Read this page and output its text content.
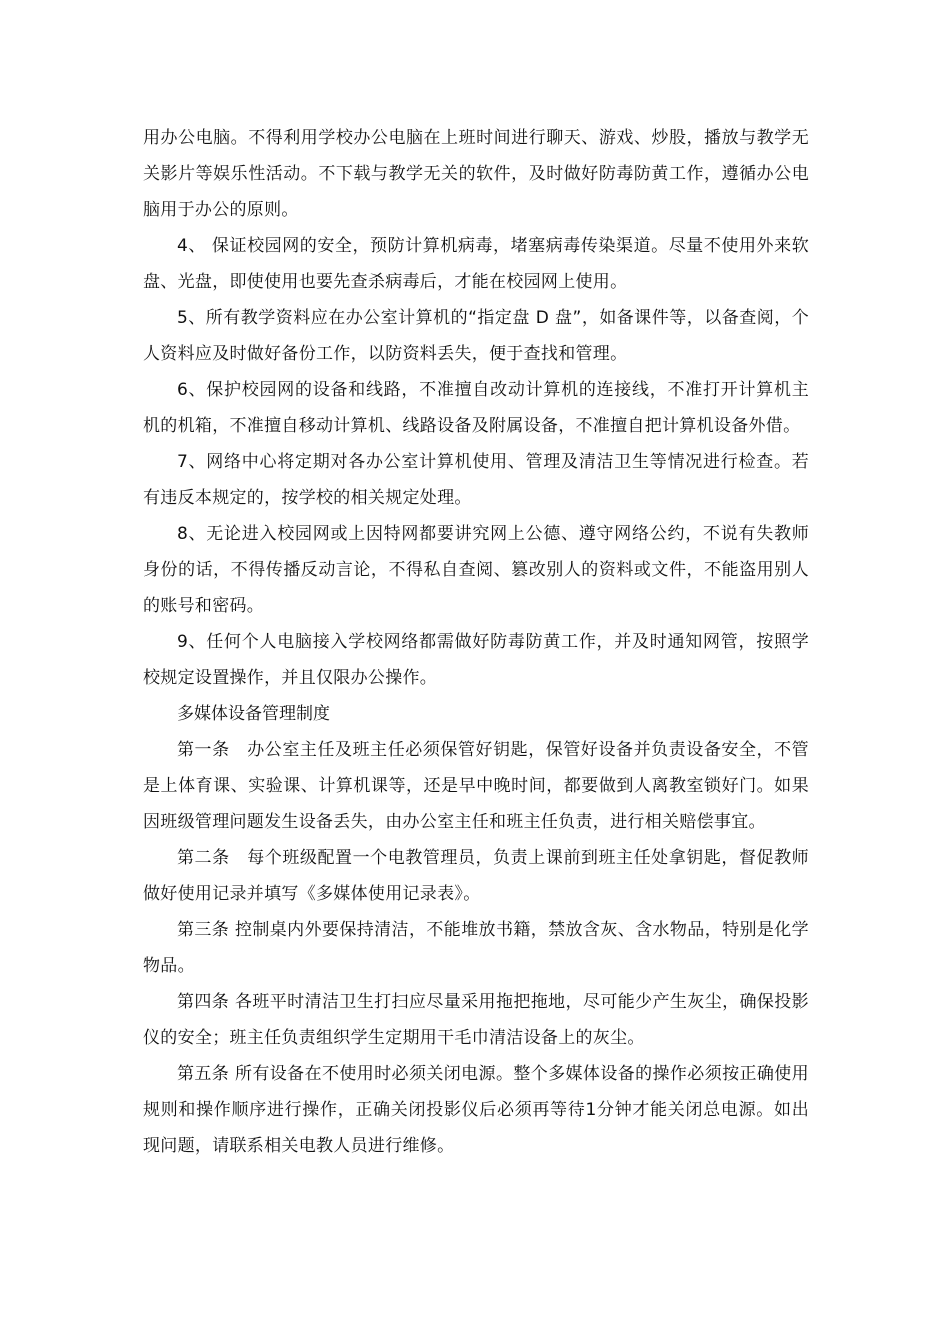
用办公电脑。不得利用学校办公电脑在上班时间进行聊天、游戏、炒股，播放与教学无关影片等娱乐性活动。不下载与教学无关的软件，及时做好防毒防黄工作，遵循办公电脑用于办公的原则。

4、 保证校园网的安全，预防计算机病毒，堵塞病毒传染渠道。尽量不使用外来软盘、光盘，即使使用也要先查杀病毒后，才能在校园网上使用。

5、所有教学资料应在办公室计算机的“指定盘 D 盘”，如备课件等，以备查阅，个人资料应及时做好备份工作，以防资料丢失，便于查找和管理。

6、保护校园网的设备和线路，不准擅自改动计算机的连接线，不准打开计算机主机的机箱，不准擅自移动计算机、线路设备及附属设备，不准擅自把计算机设备外借。

7、网络中心将定期对各办公室计算机使用、管理及清洁卫生等情况进行检查。若有违反本规定的，按学校的相关规定处理。

8、无论进入校园网或上因特网都要讲究网上公德、遵守网络公约，不说有失教师身份的话，不得传播反动言论，不得私自查阅、篡改别人的资料或文件，不能盗用别人的账号和密码。

9、任何个人电脑接入学校网络都需做好防毒防黄工作，并及时通知网管，按照学校规定设置操作，并且仅限办公操作。

多媒体设备管理制度

第一条　办公室主任及班主任必须保管好钥匙，保管好设备并负责设备安全，不管是上体育课、实验课、计算机课等，还是早中晚时间，都要做到人离教室锁好门。如果因班级管理问题发生设备丢失，由办公室主任和班主任负责，进行相关赔偿事宜。

第二条　每个班级配置一个电教管理员，负责上课前到班主任处拿钥匙，督促教师做好使用记录并填写《多媒体使用记录表》。

第三条 控制桌内外要保持清洁，不能堆放书籍，禁放含灰、含水物品，特别是化学物品。

第四条 各班平时清洁卫生打扫应尽量采用拖把拖地，尽可能少产生灰尘，确保投影仪的安全；班主任负责组织学生定期用干毛巾清洁设备上的灰尘。

第五条 所有设备在不使用时必须关闭电源。整个多媒体设备的操作必须按正确使用规则和操作顺序进行操作，正确关闭投影仪后必须再等待1分钟才能关闭总电源。如出现问题，请联系相关电教人员进行维修。
